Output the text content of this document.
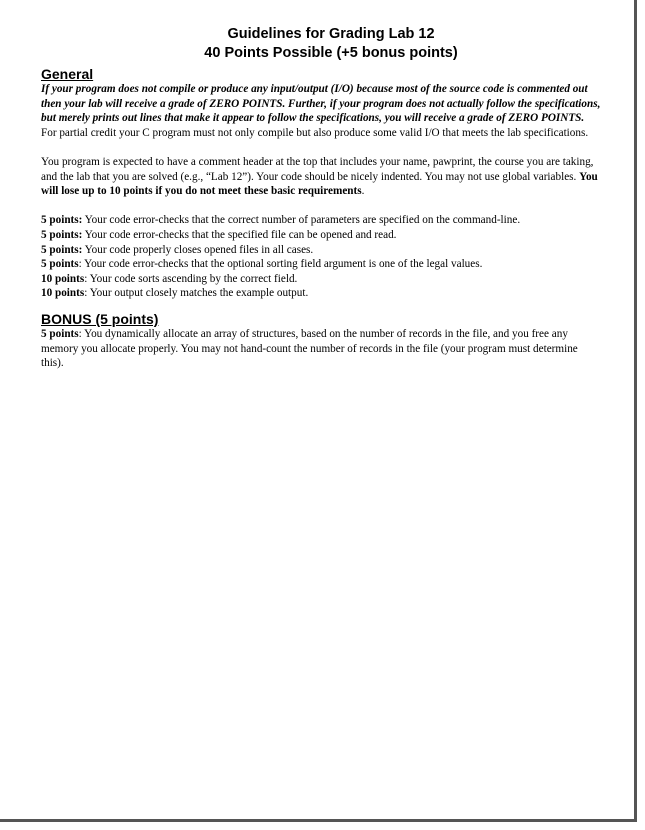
Guidelines for Grading Lab 12
40 Points Possible (+5 bonus points)
General

If your program does not compile or produce any input/output (I/O) because most of the source code is commented out then your lab will receive a grade of ZERO POINTS. Further, if your program does not actually follow the specifications, but merely prints out lines that make it appear to follow the specifications, you will receive a grade of ZERO POINTS. For partial credit your C program must not only compile but also produce some valid I/O that meets the lab specifications.

You program is expected to have a comment header at the top that includes your name, pawprint, the course you are taking, and the lab that you are solved (e.g., “Lab 12”). Your code should be nicely indented. You may not use global variables. You will lose up to 10 points if you do not meet these basic requirements.

5 points: Your code error-checks that the correct number of parameters are specified on the command-line.

5 points: Your code error-checks that the specified file can be opened and read.

5 points: Your code properly closes opened files in all cases.

5 points: Your code error-checks that the optional sorting field argument is one of the legal values.

10 points: Your code sorts ascending by the correct field.

10 points: Your output closely matches the example output.

BONUS (5 points)

5 points: You dynamically allocate an array of structures, based on the number of records in the file, and you free any memory you allocate properly. You may not hand-count the number of records in the file (your program must determine this).
